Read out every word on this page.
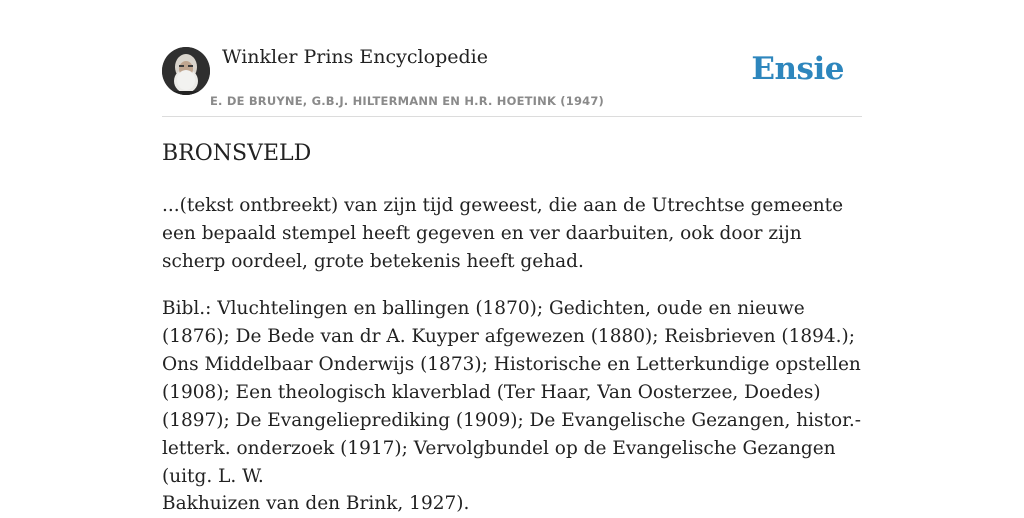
Winkler Prins Encyclopedie
E. DE BRUYNE, G.B.J. HILTERMANN EN H.R. HOETINK (1947)
Ensie
BRONSVELD

...(tekst ontbreekt) van zijn tijd geweest, die aan de Utrechtse gemeente een bepaald stempel heeft gegeven en ver daarbuiten, ook door zijn scherp oordeel, grote betekenis heeft gehad.

Bibl.: Vluchtelingen en ballingen (1870); Gedichten, oude en nieuwe (1876); De Bede van dr A. Kuyper afgewezen (1880); Reisbrieven (1894.); Ons Middelbaar Onderwijs (1873); Historische en Letterkundige opstellen (1908); Een theologisch klaverblad (Ter Haar, Van Oosterzee, Doedes) (1897); De Evangelieprediking (1909); De Evangelische Gezangen, histor.-letterk. onderzoek (1917); Vervolgbundel op de Evangelische Gezangen (uitg. L. W.

Bakhuizen van den Brink, 1927).
